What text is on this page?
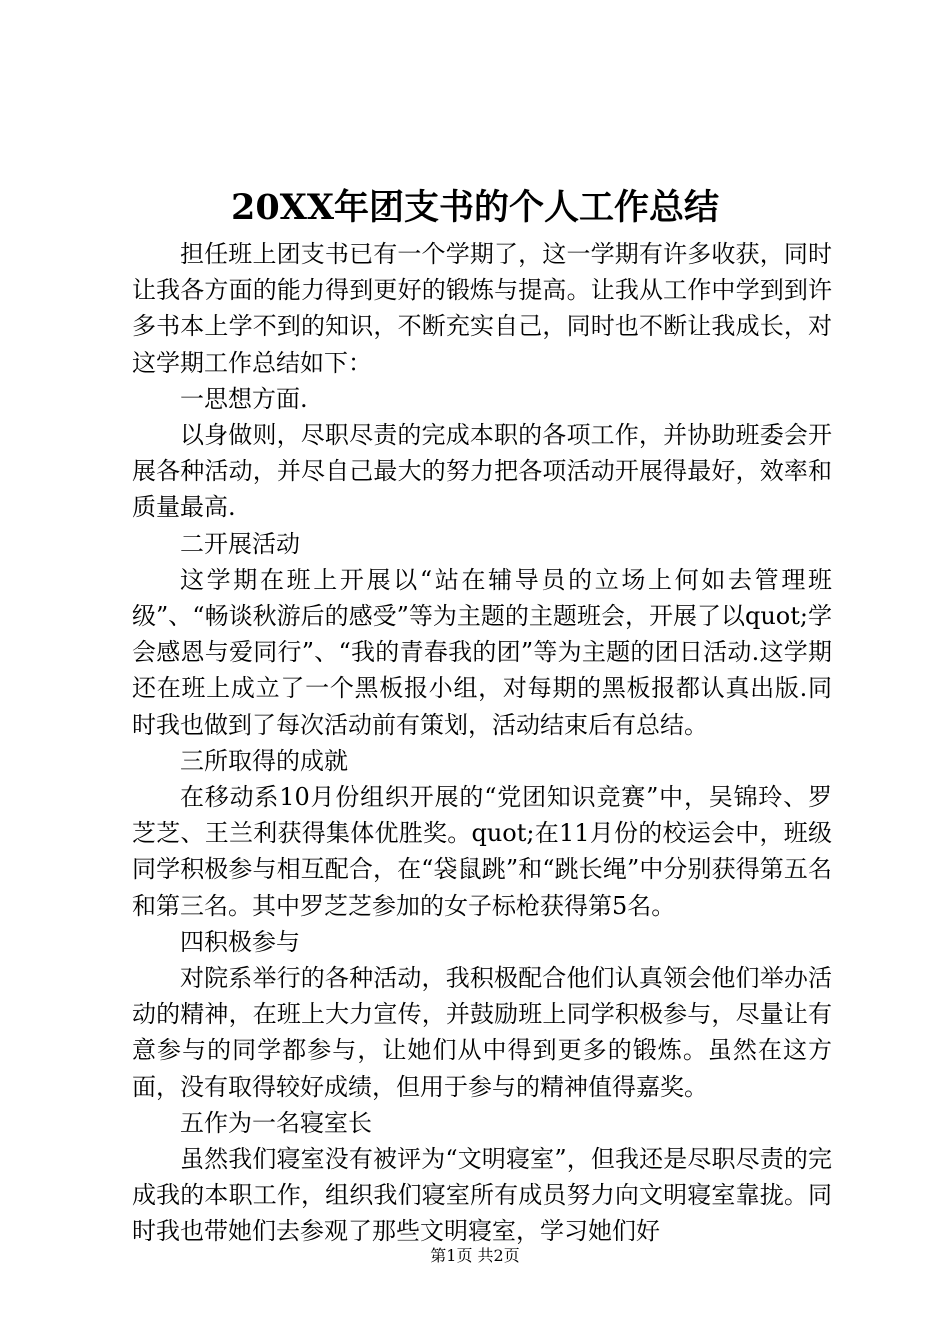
20XX年团支书的个人工作总结

担任班上团支书已有一个学期了，这一学期有许多收获，同时让我各方面的能力得到更好的锻炼与提高。让我从工作中学到到许多书本上学不到的知识，不断充实自己，同时也不断让我成长，对这学期工作总结如下：

一思想方面.

以身做则，尽职尽责的完成本职的各项工作，并协助班委会开展各种活动，并尽自己最大的努力把各项活动开展得最好，效率和质量最高.

二开展活动

这学期在班上开展以“站在辅导员的立场上何如去管理班级”、“畅谈秋游后的感受”等为主题的主题班会，开展了以quot;学会感恩与爱同行”、“我的青春我的团”等为主题的团日活动.这学期还在班上成立了一个黑板报小组，对每期的黑板报都认真出版.同时我也做到了每次活动前有策划，活动结束后有总结。

三所取得的成就

在移动系10月份组织开展的“党团知识竞赛”中，吴锦玲、罗芝芝、王兰利获得集体优胜奖。quot;在11月份的校运会中，班级同学积极参与相互配合，在“袋鼠跳”和“跳长绳”中分别获得第五名和第三名。其中罗芝芝参加的女子标枪获得第5名。

四积极参与

对院系举行的各种活动，我积极配合他们认真领会他们举办活动的精神，在班上大力宣传，并鼓励班上同学积极参与，尽量让有意参与的同学都参与，让她们从中得到更多的锻炼。虽然在这方面，没有取得较好成绩，但用于参与的精神值得嘉奖。

五作为一名寝室长

虽然我们寝室没有被评为“文明寝室”，但我还是尽职尽责的完成我的本职工作，组织我们寝室所有成员努力向文明寝室靠拢。同时我也带她们去参观了那些文明寝室，学习她们好

第1页 共2页
